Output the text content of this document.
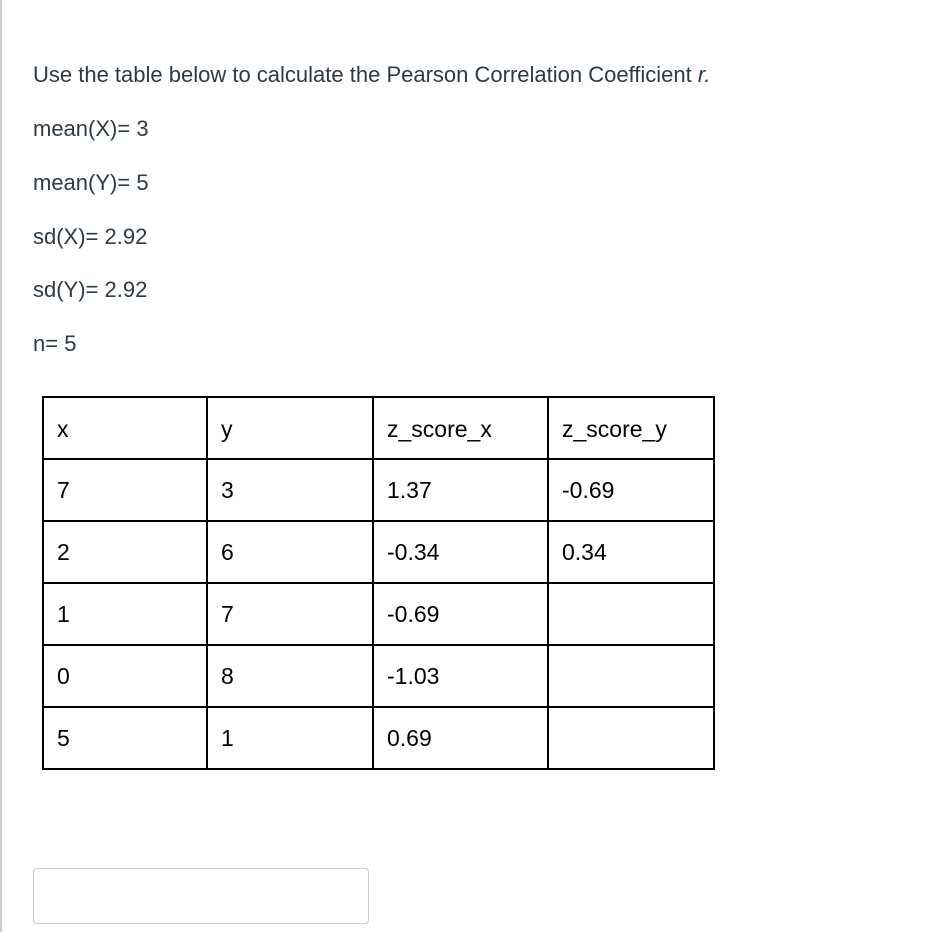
Use the table below to calculate the Pearson Correlation Coefficient r.
mean(X)= 3
mean(Y)= 5
sd(X)= 2.92
sd(Y)= 2.92
n= 5
x	y	z_score_x	z_score_y
7	3	1.37	-0.69
2	6	-0.34	0.34
1	7	-0.69	
0	8	-1.03	
5	1	0.69	
